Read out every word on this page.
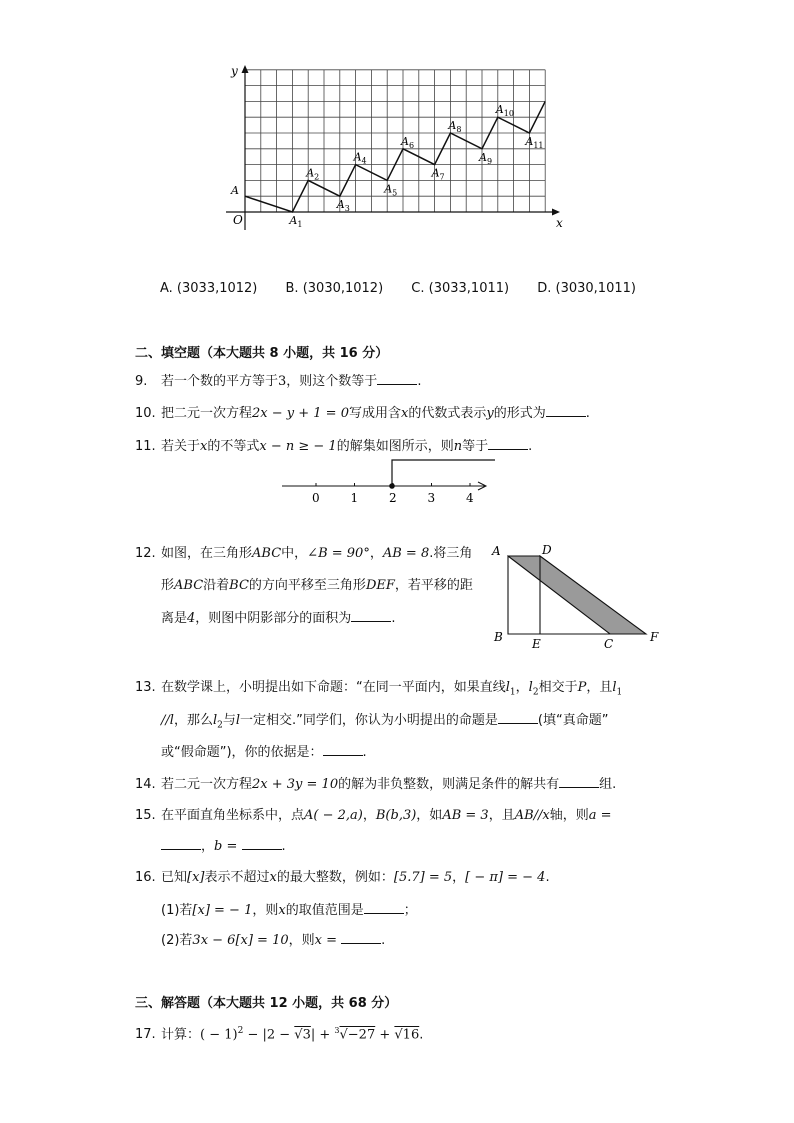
y
x
O
A
$A_1$
$A_2$
$A_3$
$A_4$
$A_5$
$A_6$
$A_7$
$A_8$
$A_9$
$A_{10}$
$A_{11}$
A. (3033,1012) B. (3030,1012) C. (3033,1011) D. (3030,1011)
二、填空题（本大题共 8 小题，共 16 分）
9. 若一个数的平方等于3，则这个数等于	.
10. 把二元一次方程2x − y + 1 = 0写成用含x的代数式表示y的形式为	.
11. 若关于x的不等式x − n ≥ − 1的解集如图所示，则n等于	.
0	1	2	3	4
12. 如图，在三角形ABC中，∠B = 90°，AB = 8.将三角
形ABC沿着BC的方向平移至三角形DEF，若平移的距
离是4，则图中阴影部分的面积为	.
A	D
B E	C	F
13. 在数学课上，小明提出如下命题：“在同一平面内，如果直线$l_1$，$l_2$相交于P，且$l_1$
//l，那么$l_2$与l一定相交.”同学们，你认为小明提出的命题是	(填“真命题”
或“假命题”)，你的依据是：	.
14. 若二元一次方程2x + 3y = 10的解为非负整数，则满足条件的解共有	组.
15. 在平面直角坐标系中，点A( − 2,a)，B(b,3)，如AB = 3，且AB//x轴，则a =
，b =	.
16. 已知[x]表示不超过x的最大整数，例如：[5.7] = 5，[ − π] = − 4.
(1)若[x] = − 1，则x的取值范围是	；
(2)若3x − 6[x] = 10，则x =	.
三、解答题（本大题共 12 小题，共 68 分）
17. 计算：( − 1)$^2$ − |2 − √3| + $^3$√−27 + √16.
